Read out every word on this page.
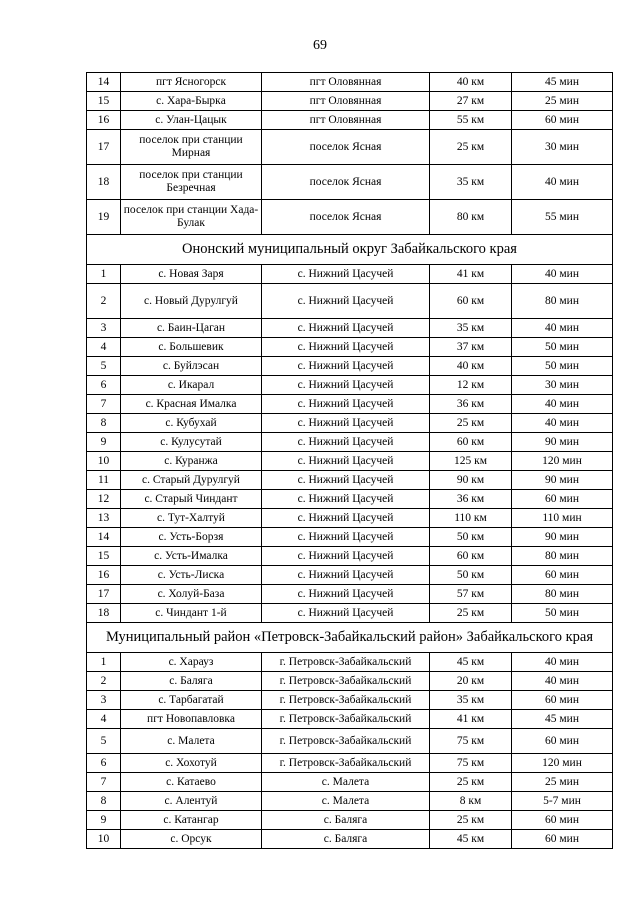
69
14	пгт Ясногорск	пгт Оловянная	40 км	45 мин
15	с. Хара-Быркa	пгт Оловянная	27 км	25 мин
16	с. Улан-Цацык	пгт Оловянная	55 км	60 мин
17	поселок при станции Мирная	поселок Ясная	25 км	30 мин
18	поселок при станции Безречная	поселок Ясная	35 км	40 мин
19	поселок при станции Хада-Булак	поселок Ясная	80 км	55 мин
Ононский муниципальный округ Забайкальского края				
1	с. Новая Заря	с. Нижний Цасучей	41 км	40 мин
2	с. Новый Дурулгуй	с. Нижний Цасучей	60 км	80 мин
3	с. Баин-Цаган	с. Нижний Цасучей	35 км	40 мин
4	с. Большевик	с. Нижний Цасучей	37 км	50 мин
5	с. Буйлэсан	с. Нижний Цасучей	40 км	50 мин
6	с. Икарал	с. Нижний Цасучей	12 км	30 мин
7	с. Красная Ималка	с. Нижний Цасучей	36 км	40 мин
8	с. Кубухай	с. Нижний Цасучей	25 км	40 мин
9	с. Кулусутай	с. Нижний Цасучей	60 км	90 мин
10	с. Куранжа	с. Нижний Цасучей	125 км	120 мин
11	с. Старый Дурулгуй	с. Нижний Цасучей	90 км	90 мин
12	с. Старый Чиндант	с. Нижний Цасучей	36 км	60 мин
13	с. Тут-Халтуй	с. Нижний Цасучей	110 км	110 мин
14	с. Усть-Борзя	с. Нижний Цасучей	50 км	90 мин
15	с. Усть-Ималка	с. Нижний Цасучей	60 км	80 мин
16	с. Усть-Лиска	с. Нижний Цасучей	50 км	60 мин
17	с. Холуй-База	с. Нижний Цасучей	57 км	80 мин
18	с. Чиндант 1-й	с. Нижний Цасучей	25 км	50 мин
Муниципальный район «Петровск-Забайкальский район» Забайкальского края				
1	с. Харауз	г. Петровск-Забайкальский	45 км	40 мин
2	с. Баляга	г. Петровск-Забайкальский	20 км	40 мин
3	с. Тарбагатай	г. Петровск-Забайкальский	35 км	60 мин
4	пгт Новопавловка	г. Петровск-Забайкальский	41 км	45 мин
5	с. Малета	г. Петровск-Забайкальский	75 км	60 мин
6	с. Хохотуй	г. Петровск-Забайкальский	75 км	120 мин
7	с. Катаево	с. Малета	25 км	25 мин
8	с. Алентуй	с. Малета	8 км	5-7 мин
9	с. Катангар	с. Баляга	25 км	60 мин
10	с. Орсук	с. Баляга	45 км	60 мин
